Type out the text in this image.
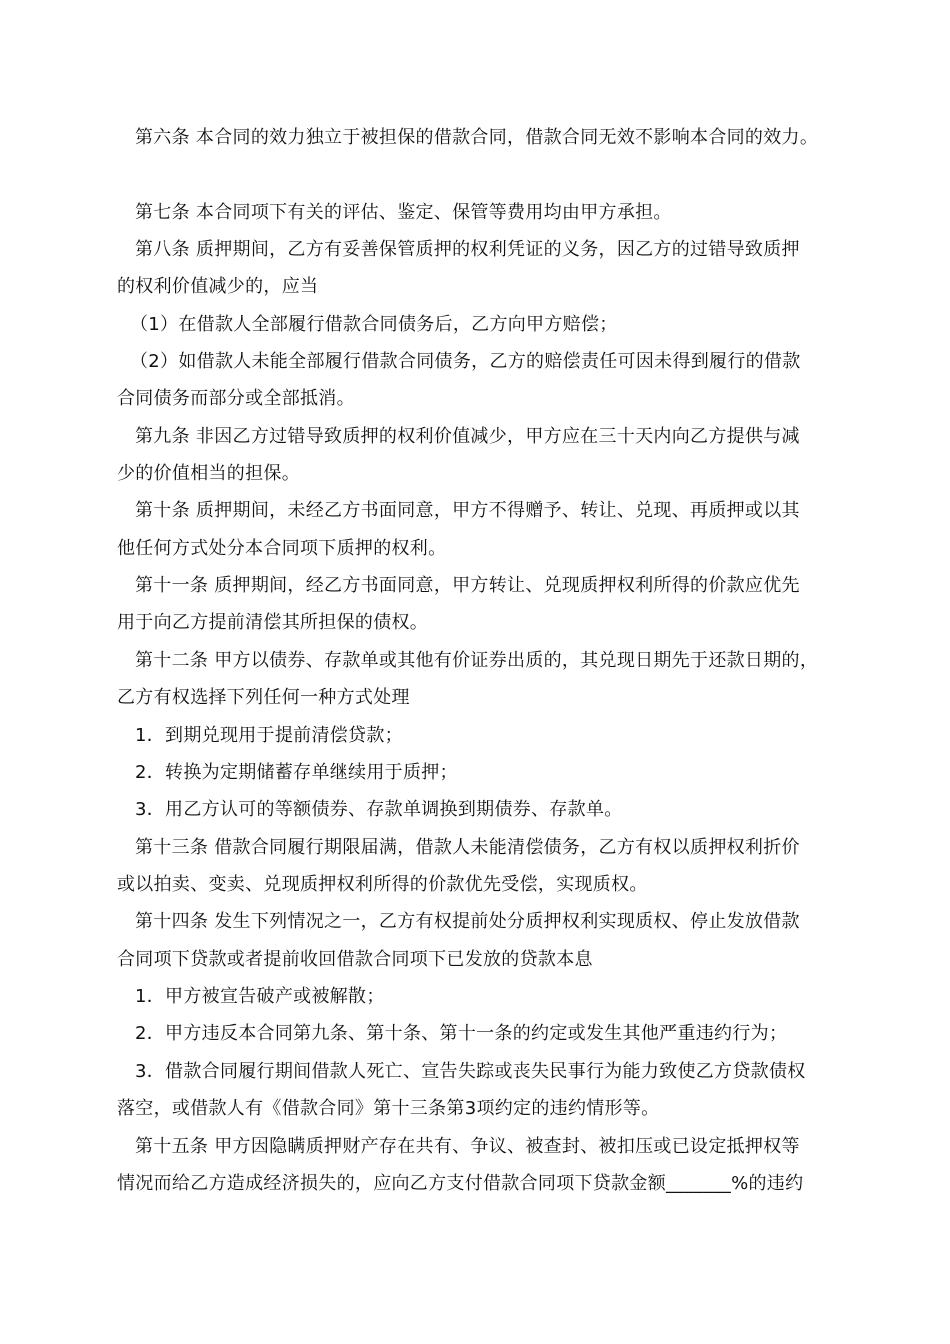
第六条 本合同的效力独立于被担保的借款合同，借款合同无效不影响本合同的效力。
第七条 本合同项下有关的评估、鉴定、保管等费用均由甲方承担。
第八条 质押期间，乙方有妥善保管质押的权利凭证的义务，因乙方的过错导致质押
的权利价值减少的，应当
（1）在借款人全部履行借款合同债务后，乙方向甲方赔偿；
（2）如借款人未能全部履行借款合同债务，乙方的赔偿责任可因未得到履行的借款
合同债务而部分或全部抵消。
第九条 非因乙方过错导致质押的权利价值减少，甲方应在三十天内向乙方提供与减
少的价值相当的担保。
第十条 质押期间，未经乙方书面同意，甲方不得赠予、转让、兑现、再质押或以其
他任何方式处分本合同项下质押的权利。
第十一条 质押期间，经乙方书面同意，甲方转让、兑现质押权利所得的价款应优先
用于向乙方提前清偿其所担保的债权。
第十二条 甲方以债券、存款单或其他有价证券出质的，其兑现日期先于还款日期的，
乙方有权选择下列任何一种方式处理
1．到期兑现用于提前清偿贷款；
2．转换为定期储蓄存单继续用于质押；
3．用乙方认可的等额债券、存款单调换到期债券、存款单。
第十三条 借款合同履行期限届满，借款人未能清偿债务，乙方有权以质押权利折价
或以拍卖、变卖、兑现质押权利所得的价款优先受偿，实现质权。
第十四条 发生下列情况之一，乙方有权提前处分质押权利实现质权、停止发放借款
合同项下贷款或者提前收回借款合同项下已发放的贷款本息
1．甲方被宣告破产或被解散；
2．甲方违反本合同第九条、第十条、第十一条的约定或发生其他严重违约行为；
3．借款合同履行期间借款人死亡、宣告失踪或丧失民事行为能力致使乙方贷款债权
落空，或借款人有《借款合同》第十三条第3项约定的违约情形等。
第十五条 甲方因隐瞒质押财产存在共有、争议、被查封、被扣压或已设定抵押权等
情况而给乙方造成经济损失的，应向乙方支付借款合同项下贷款金额_______%的违约
